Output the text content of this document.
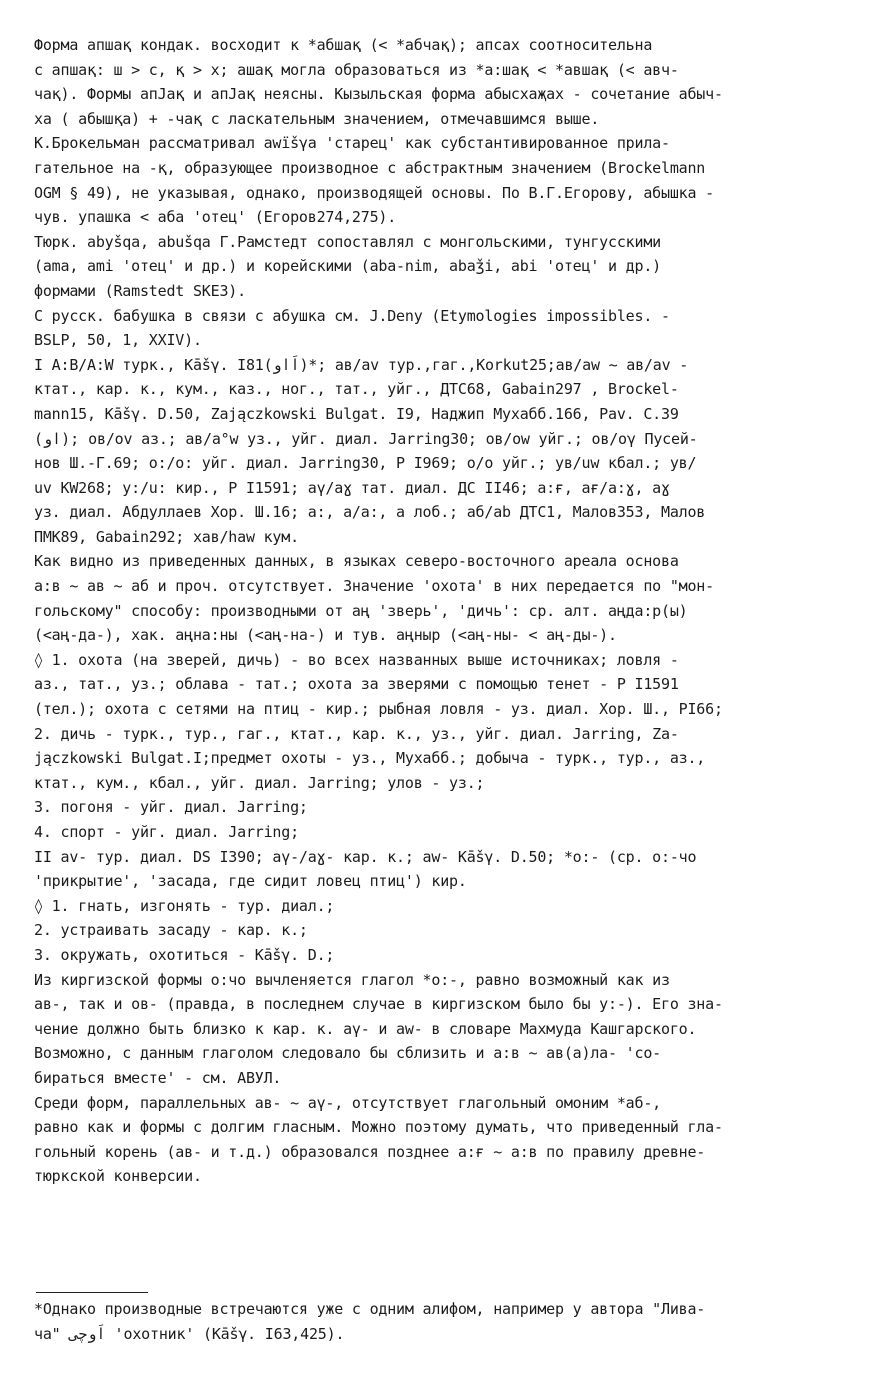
Форма апшақ кондак. восходит к *абшақ (< *абчақ); апсах соотносительна
с апшақ: ш > с, қ > х; ашақ могла образоваться из *а:шақ < *авшақ (< авч-
чақ). Формы апJақ и апJақ неясны. Кызыльская форма абысхаҗах - сочетание абыч-
ха ( абышқа) + -чақ с ласкательным значением, отмечавшимся выше.
К.Брокельман рассматривал awïšγa 'старец' как субстантивированное прила-
гательное на -қ, образующее производное с абстрактным значением (Brockelmann
OGM § 49), не указывая, однако, производящей основы. По В.Г.Егорову, абышка -
чув. упашка < аба 'отец' (Егоров274,275).
Тюрк. abyšqa, abušqa Г.Рамстедт сопоставлял с монгольскими, тунгусскими
(ama, ami 'отец' и др.) и корейскими (aba-nim, abaǯi, abi 'отец' и др.)
формами (Ramstedt SKE3).
С русск. бабушка в связи с абушка см. J.Deny (Etymologies impossibles. -
BSLP, 50, 1, XXIV).
I А:В/А:W турк., Kāšγ. I81(اَاو)*; ав/av тур.,гаг.,Korkut25;ав/aw ~ ав/av -
ктат., кар. к., кум., каз., ног., тат., уйг., ДТС68, Gabain297 , Brockel-
mann15, Kāšγ. D.50, Zajączkowski Bulgat. I9, Наджип Мухабб.166, Pav. C.39
(او); ов/ov аз.; ав/a°w уз., уйг. диал. Jarring30; ов/ow уйг.; ов/oγ Пусей-
нов Ш.-Г.69; о:/о: уйг. диал. Jarring30, Р I969; о/о уйг.; ув/uw кбал.; ув/
uv KW268; у:/u: кир., Р I1591; аү/аɣ тат. диал. ДС II46; а:ғ, ағ/а:ɣ, аɣ
уз. диал. Абдуллаев Хор. Ш.16; а:, а/а:, а лоб.; аб/ab ДТС1, Малов353, Малов
ПМК89, Gabain292; хав/haw кум.
Как видно из приведенных данных, в языках северо-восточного ареала основа
а:в ~ ав ~ аб и проч. отсутствует. Значение 'охота' в них передается по "мон-
гольскому" способу: производными от аң 'зверь', 'дичь': ср. алт. аңда:р(ы)
(<аң-да-), хак. аңна:ны (<аң-на-) и тув. аңныр (<аң-ны- < аң-ды-).
◊ 1. охота (на зверей, дичь) - во всех названных выше источниках; ловля -
аз., тат., уз.; облава - тат.; охота за зверями с помощью тенет - Р I1591
(тел.); охота с сетями на птиц - кир.; рыбная ловля - уз. диал. Хор. Ш., РI66;
2. дичь - турк., тур., гаг., ктат., кар. к., уз., уйг. диал. Jarring, Za-
jączkowski Bulgat.I;предмет охоты - уз., Мухабб.; добыча - турк., тур., аз.,
ктат., кум., кбал., уйг. диал. Jarring; улов - уз.;
3. погоня - уйг. диал. Jarring;
4. спорт - уйг. диал. Jarring;
II av- тур. диал. DS I390; аү-/аɣ- кар. к.; aw- Kāšγ. D.50; *о:- (ср. о:-чо
'прикрытие', 'засада, где сидит ловец птиц') кир.
◊ 1. гнать, изгонять - тур. диал.;
2. устраивать засаду - кар. к.;
3. окружать, охотиться - Kāšγ. D.;
Из киргизской формы о:чо вычленяется глагол *о:-, равно возможный как из
ав-, так и ов- (правда, в последнем случае в киргизском было бы у:-). Его зна-
чение должно быть близко к кар. к. аү- и aw- в словаре Махмуда Кашгарского.
Возможно, с данным глаголом следовало бы сблизить и а:в ~ ав(а)ла- 'со-
бираться вместе' - см. АВУЛ.
Среди форм, параллельных ав- ~ аү-, отсутствует глагольный омоним *аб-,
равно как и формы с долгим гласным. Можно поэтому думать, что приведенный гла-
гольный корень (ав- и т.д.) образовался позднее а:ғ ~ а:в по правилу древне-
тюркской конверсии.
*Однако производные встречаются уже с одним алифом, например у автора "Лива-
ча" اَوچی 'охотник' (Kāšγ. I63,425).
